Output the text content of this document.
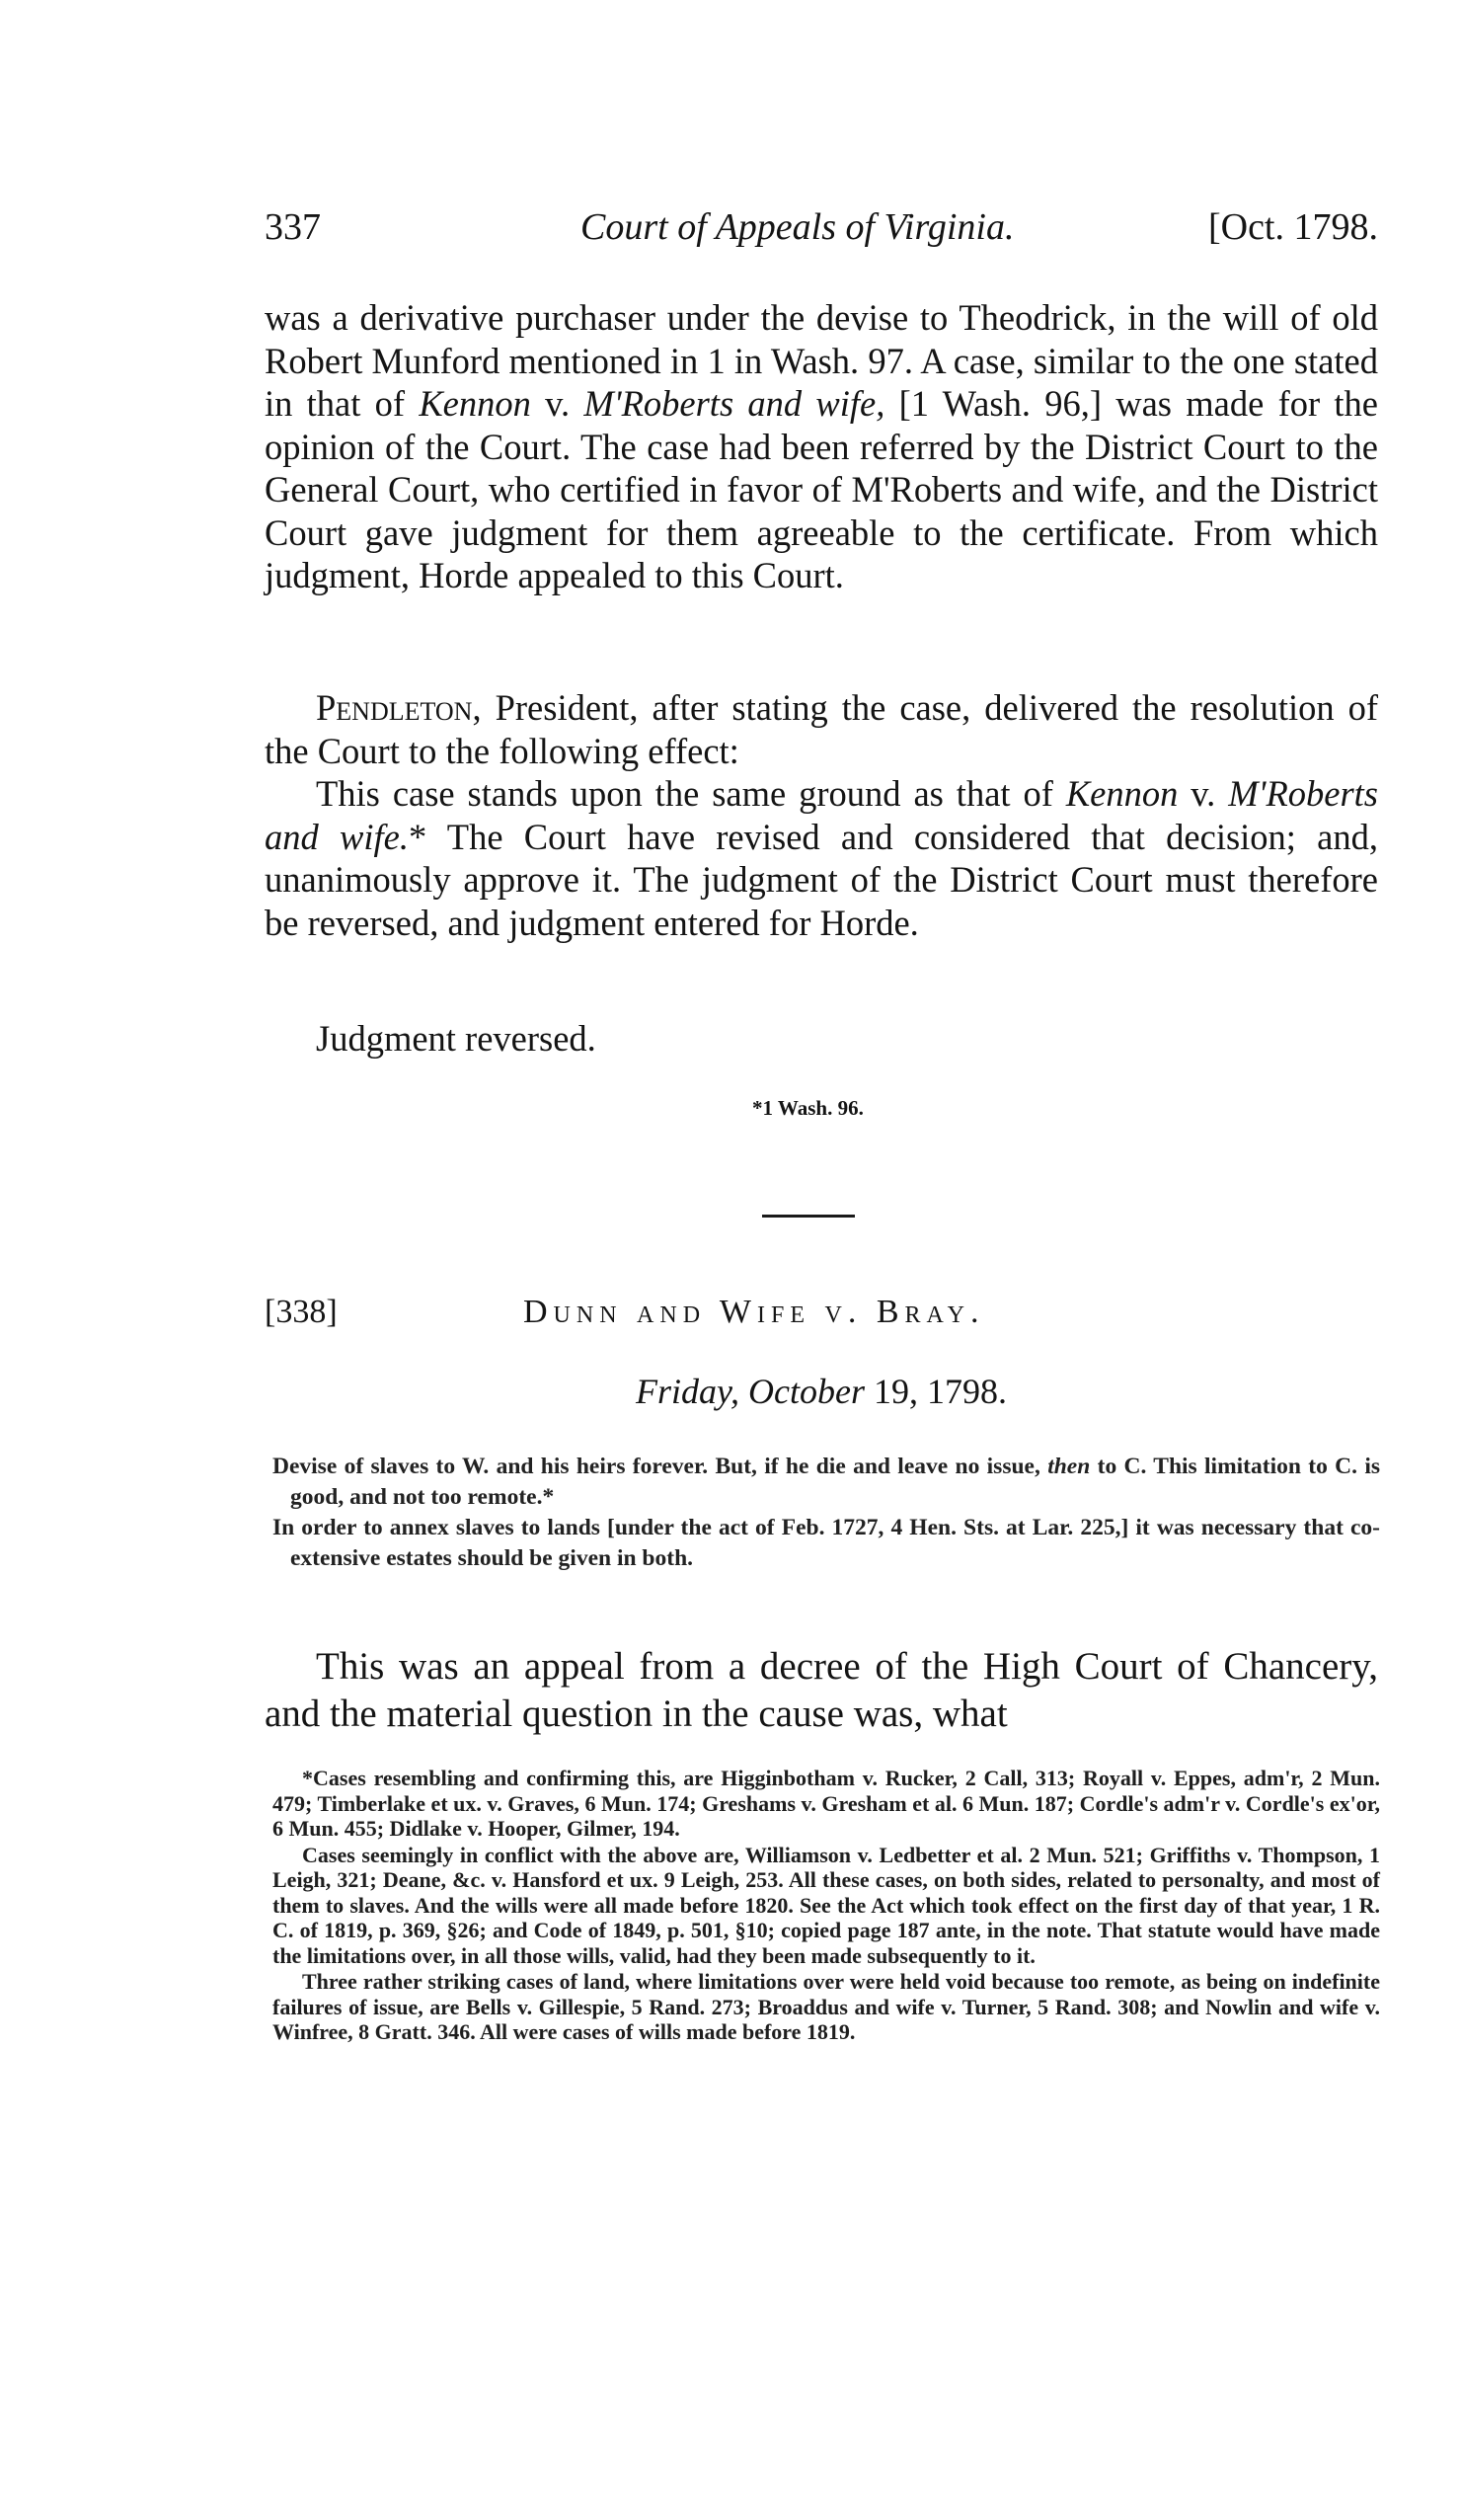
337	Court of Appeals of Virginia.	[Oct. 1798.

was a derivative purchaser under the devise to Theodrick, in the will of old Robert Munford mentioned in 1 in Wash. 97. A case, similar to the one stated in that of Kennon v. M'Roberts and wife, [1 Wash. 96,] was made for the opinion of the Court. The case had been referred by the District Court to the General Court, who certified in favor of M'Roberts and wife, and the District Court gave judgment for them agreeable to the certificate. From which judgment, Horde appealed to this Court.

Pendleton, President, after stating the case, delivered the resolution of the Court to the following effect:

This case stands upon the same ground as that of Kennon v. M'Roberts and wife.* The Court have revised and considered that decision; and, unanimously approve it. The judgment of the District Court must therefore be reversed, and judgment entered for Horde.

Judgment reversed.

*1 Wash. 96.
[338]	Dunn and Wife v. Bray.
Friday, October 19, 1798.

Devise of slaves to W. and his heirs forever. But, if he die and leave no issue, then to C. This limitation to C. is good, and not too remote.*

In order to annex slaves to lands [under the act of Feb. 1727, 4 Hen. Sts. at Lar. 225,] it was necessary that co-extensive estates should be given in both.

This was an appeal from a decree of the High Court of Chancery, and the material question in the cause was, what

*Cases resembling and confirming this, are Higginbotham v. Rucker, 2 Call, 313; Royall v. Eppes, adm'r, 2 Mun. 479; Timberlake et ux. v. Graves, 6 Mun. 174; Greshams v. Gresham et al. 6 Mun. 187; Cordle's adm'r v. Cordle's ex'or, 6 Mun. 455; Didlake v. Hooper, Gilmer, 194.

Cases seemingly in conflict with the above are, Williamson v. Ledbetter et al. 2 Mun. 521; Griffiths v. Thompson, 1 Leigh, 321; Deane, &c. v. Hansford et ux. 9 Leigh, 253. All these cases, on both sides, related to personalty, and most of them to slaves. And the wills were all made before 1820. See the Act which took effect on the first day of that year, 1 R. C. of 1819, p. 369, §26; and Code of 1849, p. 501, §10; copied page 187 ante, in the note. That statute would have made the limitations over, in all those wills, valid, had they been made subsequently to it.

Three rather striking cases of land, where limitations over were held void because too remote, as being on indefinite failures of issue, are Bells v. Gillespie, 5 Rand. 273; Broaddus and wife v. Turner, 5 Rand. 308; and Nowlin and wife v. Winfree, 8 Gratt. 346. All were cases of wills made before 1819.
